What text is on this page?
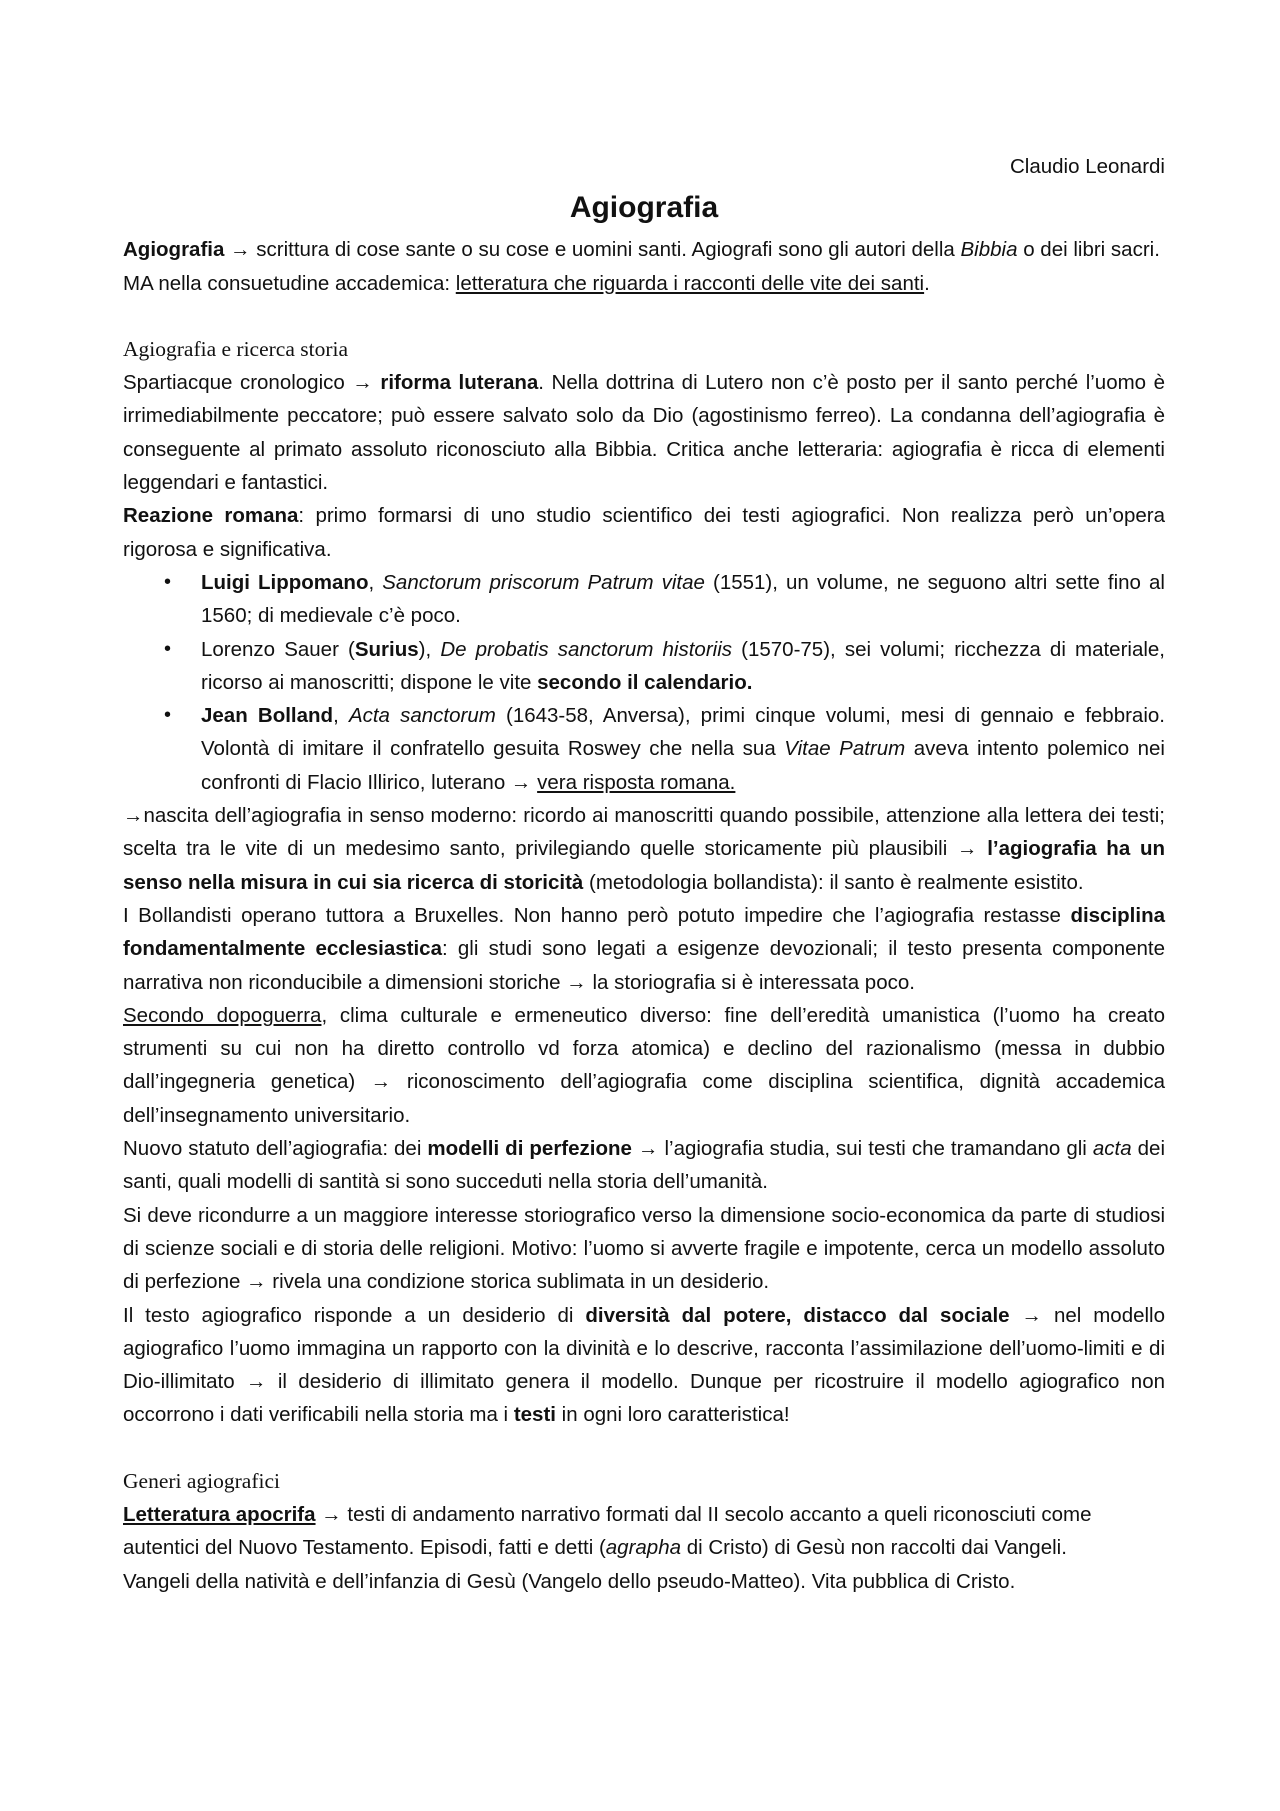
Claudio Leonardi

Agiografia

Agiografia → scrittura di cose sante o su cose e uomini santi. Agiografi sono gli autori della Bibbia o dei libri sacri.

MA nella consuetudine accademica: letteratura che riguarda i racconti delle vite dei santi.

Agiografia e ricerca storia

Spartiacque cronologico → riforma luterana. Nella dottrina di Lutero non c’è posto per il santo perché l’uomo è irrimediabilmente peccatore; può essere salvato solo da Dio (agostinismo ferreo). La condanna dell’agiografia è conseguente al primato assoluto riconosciuto alla Bibbia. Critica anche letteraria: agiografia è ricca di elementi leggendari e fantastici.

Reazione romana: primo formarsi di uno studio scientifico dei testi agiografici. Non realizza però un’opera rigorosa e significativa.

• Luigi Lippomano, Sanctorum priscorum Patrum vitae (1551), un volume, ne seguono altri sette fino al 1560; di medievale c’è poco.
• Lorenzo Sauer (Surius), De probatis sanctorum historiis (1570-75), sei volumi; ricchezza di materiale, ricorso ai manoscritti; dispone le vite secondo il calendario.
• Jean Bolland, Acta sanctorum (1643-58, Anversa), primi cinque volumi, mesi di gennaio e febbraio. Volontà di imitare il confratello gesuita Roswey che nella sua Vitae Patrum aveva intento polemico nei confronti di Flacio Illirico, luterano → vera risposta romana.

→nascita dell’agiografia in senso moderno: ricordo ai manoscritti quando possibile, attenzione alla lettera dei testi; scelta tra le vite di un medesimo santo, privilegiando quelle storicamente più plausibili → l’agiografia ha un senso nella misura in cui sia ricerca di storicità (metodologia bollandista): il santo è realmente esistito.

I Bollandisti operano tuttora a Bruxelles. Non hanno però potuto impedire che l’agiografia restasse disciplina fondamentalmente ecclesiastica: gli studi sono legati a esigenze devozionali; il testo presenta componente narrativa non riconducibile a dimensioni storiche → la storiografia si è interessata poco.

Secondo dopoguerra, clima culturale e ermeneutico diverso: fine dell’eredità umanistica (l’uomo ha creato strumenti su cui non ha diretto controllo vd forza atomica) e declino del razionalismo (messa in dubbio dall’ingegneria genetica) → riconoscimento dell’agiografia come disciplina scientifica, dignità accademica dell’insegnamento universitario.

Nuovo statuto dell’agiografia: dei modelli di perfezione → l’agiografia studia, sui testi che tramandano gli acta dei santi, quali modelli di santità si sono succeduti nella storia dell’umanità.

Si deve ricondurre a un maggiore interesse storiografico verso la dimensione socio-economica da parte di studiosi di scienze sociali e di storia delle religioni. Motivo: l’uomo si avverte fragile e impotente, cerca un modello assoluto di perfezione → rivela una condizione storica sublimata in un desiderio.

Il testo agiografico risponde a un desiderio di diversità dal potere, distacco dal sociale → nel modello agiografico l’uomo immagina un rapporto con la divinità e lo descrive, racconta l’assimilazione dell’uomo-limiti e di Dio-illimitato → il desiderio di illimitato genera il modello. Dunque per ricostruire il modello agiografico non occorrono i dati verificabili nella storia ma i testi in ogni loro caratteristica!

Generi agiografici

Letteratura apocrifa → testi di andamento narrativo formati dal II secolo accanto a queli riconosciuti come autentici del Nuovo Testamento. Episodi, fatti e detti (agrapha di Cristo) di Gesù non raccolti dai Vangeli.

Vangeli della natività e dell’infanzia di Gesù (Vangelo dello pseudo-Matteo). Vita pubblica di Cristo.
